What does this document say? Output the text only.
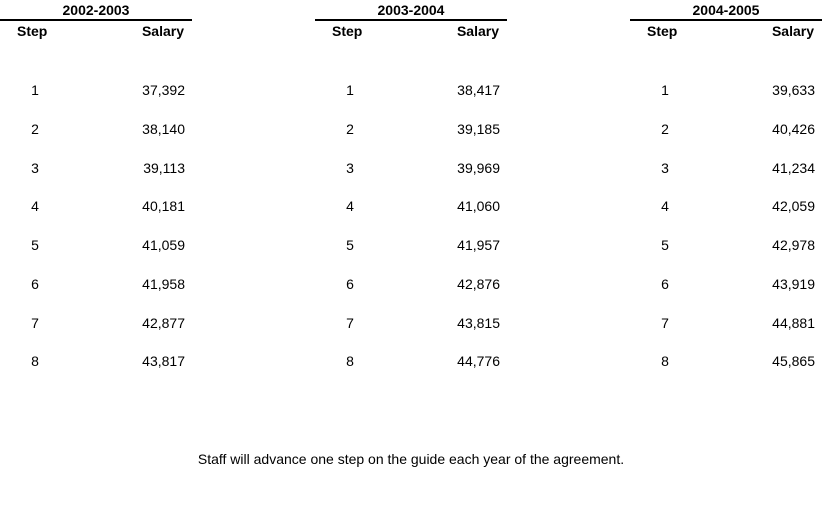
2002-2003
Step	Salary
1	37,392
2	38,140
3	39,113
4	40,181
5	41,059
6	41,958
7	42,877
8	43,817
2003-2004
Step	Salary
1	38,417
2	39,185
3	39,969
4	41,060
5	41,957
6	42,876
7	43,815
8	44,776
2004-2005
Step	Salary
1	39,633
2	40,426
3	41,234
4	42,059
5	42,978
6	43,919
7	44,881
8	45,865
Staff will advance one step on the guide each year of the agreement.
